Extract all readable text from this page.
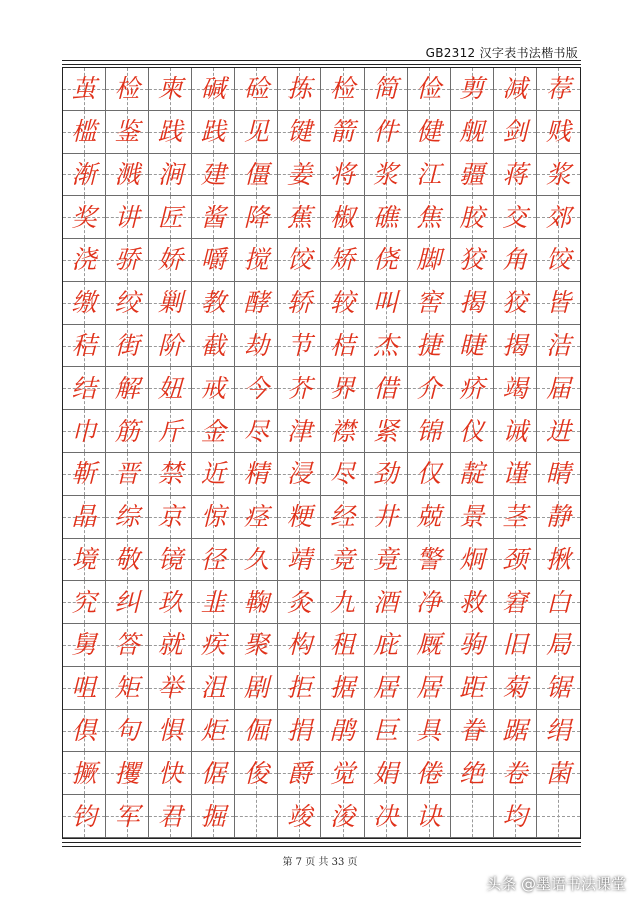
GB2312 汉字表书法楷书版
茧 检 柬 碱 硷 拣 检 简 俭 剪 减 荐
槛 鉴 践 践 见 键 箭 件 健 舰 剑 贱
渐 溅 涧 建 僵 姜 将 浆 江 疆 蒋 浆
奖 讲 匠 酱 降 蕉 椒 礁 焦 胶 交 郊
浇 骄 娇 嚼 搅 饺 矫 侥 脚 狡 角 饺
缴 绞 剿 教 酵 轿 较 叫 窖 揭 狡 皆
秸 街 阶 截 劫 节 桔 杰 捷 睫 揭 洁
结 解 妞 戒 今 芥 界 借 介 疥 竭 届
巾 筋 斤 金 尽 津 襟 紧 锦 仪 诫 进
靳 晋 禁 近 精 浸 尽 劲 仅 靛 谨 睛
晶 综 京 惊 痉 粳 经 井 兢 景 茎 静
境 敬 镜 径 久 靖 竞 竟 警 炯 颈 揪
究 纠 玖 韭 鞠 灸 九 酒 净 救 窘 白
舅 答 就 疾 聚 构 租 庇 厩 驹 旧 局
咀 矩 举 沮 剧 拒 据 居 居 距 菊 锯
俱 句 惧 炬 倔 捐 鹃 巨 具 眷 踞 绢
撅 攫 快 倨 俊 爵 觉 娟 倦 绝 卷 菌
钧 军 君 掘 竣 浚 决 诀 均
第 7 页 共 33 页
头条 @墨语书法课堂
